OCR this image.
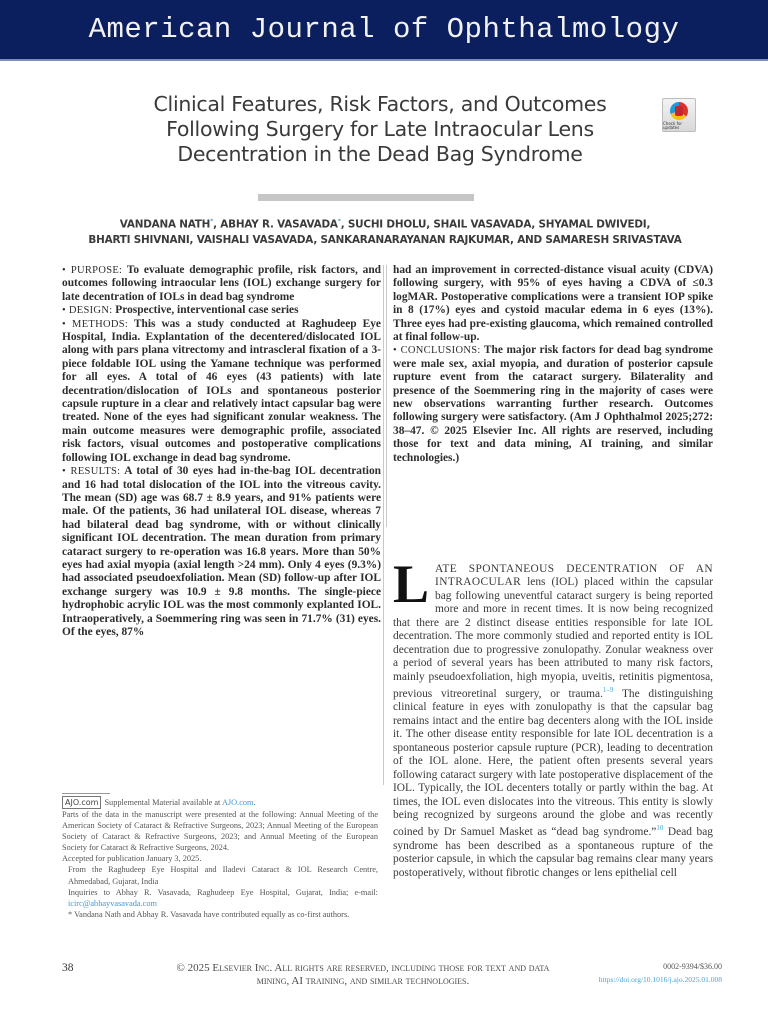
American Journal of Ophthalmology
Clinical Features, Risk Factors, and Outcomes Following Surgery for Late Intraocular Lens Decentration in the Dead Bag Syndrome
Check for updates
VANDANA NATH*, ABHAY R. VASAVADA*, SUCHI DHOLU, SHAIL VASAVADA, SHYAMAL DWIVEDI,
BHARTI SHIVNANI, VAISHALI VASAVADA, SANKARANARAYANAN RAJKUMAR, AND SAMARESH SRIVASTAVA

• PURPOSE: To evaluate demographic profile, risk factors, and outcomes following intraocular lens (IOL) exchange surgery for late decentration of IOLs in dead bag syndrome

• DESIGN: Prospective, interventional case series

• METHODS: This was a study conducted at Raghudeep Eye Hospital, India. Explantation of the decentered/dislocated IOL along with pars plana vitrectomy and intrascleral fixation of a 3-piece foldable IOL using the Yamane technique was performed for all eyes. A total of 46 eyes (43 patients) with late decentration/dislocation of IOLs and spontaneous posterior capsule rupture in a clear and relatively intact capsular bag were treated. None of the eyes had significant zonular weakness. The main outcome measures were demographic profile, associated risk factors, visual outcomes and postoperative complications following IOL exchange in dead bag syndrome.

• RESULTS: A total of 30 eyes had in-the-bag IOL decentration and 16 had total dislocation of the IOL into the vitreous cavity. The mean (SD) age was 68.7 ± 8.9 years, and 91% patients were male. Of the patients, 36 had unilateral IOL disease, whereas 7 had bilateral dead bag syndrome, with or without clinically significant IOL decentration. The mean duration from primary cataract surgery to re-operation was 16.8 years. More than 50% eyes had axial myopia (axial length >24 mm). Only 4 eyes (9.3%) had associated pseudoexfoliation. Mean (SD) follow-up after IOL exchange surgery was 10.9 ± 9.8 months. The single-piece hydrophobic acrylic IOL was the most commonly explanted IOL. Intraoperatively, a Soemmering ring was seen in 71.7% (31) eyes. Of the eyes, 87%

had an improvement in corrected-distance visual acuity (CDVA) following surgery, with 95% of eyes having a CDVA of ≤0.3 logMAR. Postoperative complications were a transient IOP spike in 8 (17%) eyes and cystoid macular edema in 6 eyes (13%). Three eyes had pre-existing glaucoma, which remained controlled at final follow-up.

• CONCLUSIONS: The major risk factors for dead bag syndrome were male sex, axial myopia, and duration of posterior capsule rupture event from the cataract surgery. Bilaterality and presence of the Soemmering ring in the majority of cases were new observations warranting further research. Outcomes following surgery were satisfactory. (Am J Ophthalmol 2025;272: 38–47. © 2025 Elsevier Inc. All rights are reserved, including those for text and data mining, AI training, and similar technologies.)

AJO.com Supplemental Material available at AJO.com.
Parts of the data in the manuscript were presented at the following: Annual Meeting of the American Society of Cataract & Refractive Surgeons, 2023; Annual Meeting of the European Society of Cataract & Refractive Surgeons, 2023; and Annual Meeting of the European Society for Cataract & Refractive Surgeons, 2024.
Accepted for publication January 3, 2025.
From the Raghudeep Eye Hospital and Iladevi Cataract & IOL Research Centre, Ahmedabad, Gujarat, India
Inquiries to Abhay R. Vasavada, Raghudeep Eye Hospital, Gujarat, India; e-mail: icirc@abhayvasavada.com
* Vandana Nath and Abhay R. Vasavada have contributed equally as co-first authors.
LATE SPONTANEOUS DECENTRATION OF AN INTRAOCULAR lens (IOL) placed within the capsular bag following uneventful cataract surgery is being reported more and more in recent times. It is now being recognized that there are 2 distinct disease entities responsible for late IOL decentration. The more commonly studied and reported entity is IOL decentration due to progressive zonulopathy. Zonular weakness over a period of several years has been attributed to many risk factors, mainly pseudoexfoliation, high myopia, uveitis, retinitis pigmentosa, previous vitreoretinal surgery, or trauma.$^{1-9}$ The distinguishing clinical feature in eyes with zonulopathy is that the capsular bag remains intact and the entire bag decenters along with the IOL inside it. The other disease entity responsible for late IOL decentration is a spontaneous posterior capsule rupture (PCR), leading to decentration of the IOL alone. Here, the patient often presents several years following cataract surgery with late postoperative displacement of the IOL. Typically, the IOL decenters totally or partly within the bag. At times, the IOL even dislocates into the vitreous. This entity is slowly being recognized by surgeons around the globe and was recently coined by Dr Samuel Masket as “dead bag syndrome.”$^{10}$ Dead bag syndrome has been described as a spontaneous rupture of the posterior capsule, in which the capsular bag remains clear many years postoperatively, without fibrotic changes or lens epithelial cell
38	© 2025 Elsevier Inc. All rights are reserved, including those for text and data
mining, AI training, and similar technologies.
0002-9394/$36.00
https://doi.org/10.1016/j.ajo.2025.01.008
